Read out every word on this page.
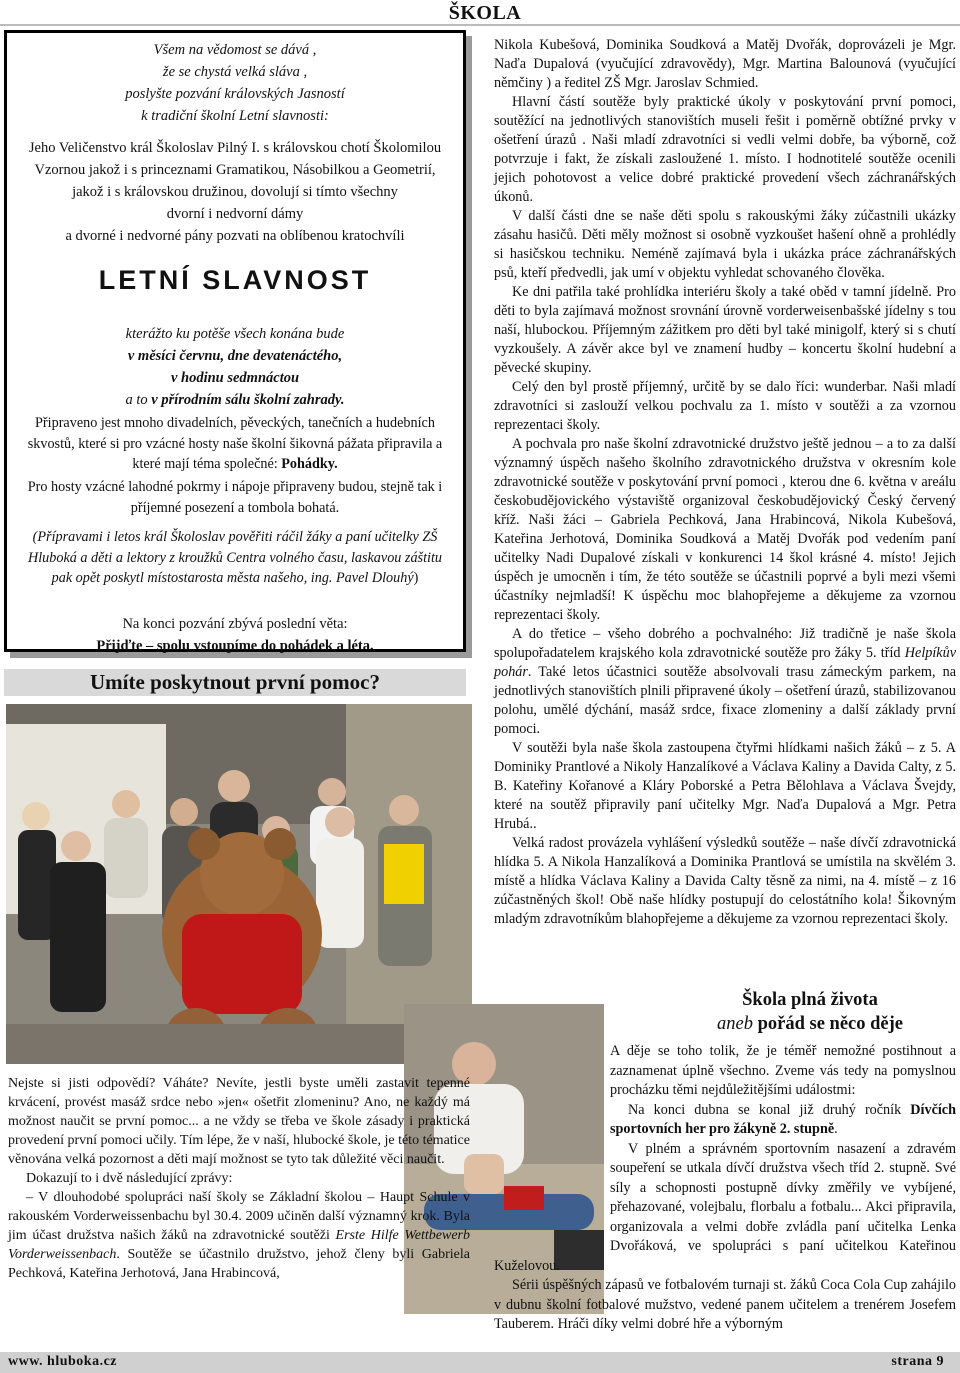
ŠKOLA
Všem na vědomost se dává ,
že se chystá velká sláva ,
poslyšte pozvání královských Jasností
k tradiční školní Letní slavnosti:
Jeho Veličenstvo král Školoslav Pilný I. s královskou chotí Školomilou
Vzornou jakož i s princeznami Gramatikou, Násobilkou a Geometrií,
jakož i s královskou družinou, dovolují si tímto všechny
dvorní i nedvorní dámy
a dvorné i nedvorné pány pozvati na oblíbenou kratochvíli
LETNÍ SLAVNOST
kterážto ku potěše všech konána bude
v měsíci červnu, dne devatenáctého,
v hodinu sedmnáctou
a to v přírodním sálu školní zahrady.
Připraveno jest mnoho divadelních, pěveckých, tanečních a hudebních skvostů, které si pro vzácné hosty naše školní šikovná pážata připravila a které mají téma společné: Pohádky.
Pro hosty vzácné lahodné pokrmy i nápoje připraveny budou, stejně tak i příjemné posezení a tombola bohatá.
(Přípravami i letos král Školoslav pověřiti ráčil žáky a paní učitelky ZŠ Hluboká a děti a lektory z kroužků Centra volného času, laskavou záštitu pak opět poskytl místostarosta města našeho, ing. Pavel Dlouhý)
Na konci pozvání zbývá poslední věta:
Přijďte – spolu vstoupíme do pohádek a léta.
Umíte poskytnout první pomoc?

Nejste si jisti odpovědí? Váháte? Nevíte, jestli byste uměli zastavit tepenné krvácení, provést masáž srdce nebo »jen« ošetřit zlomeninu? Ano, ne každý má možnost naučit se první pomoc... a ne vždy se třeba ve škole zásady i praktická provedení první pomoci učily. Tím lépe, že v naší, hlubocké škole, je této tématice věnována velká pozornost a děti mají možnost se tyto tak důležité věci naučit.

Dokazují to i dvě následující zprávy:

– V dlouhodobé spolupráci naší školy se Základní školou – Haupt Schule v rakouském Vorderweissenbachu byl 30.4. 2009 učiněn další významný krok. Byla jim účast družstva našich žáků na zdravotnické soutěži Erste Hilfe Wettbewerb Vorderweissenbach. Soutěže se účastnilo družstvo, jehož členy byli Gabriela Pechková, Kateřina Jerhotová, Jana Hrabincová,

Nikola Kubešová, Dominika Soudková a Matěj Dvořák, doprovázeli je Mgr. Naďa Dupalová (vyučující zdravovědy), Mgr. Martina Balounová (vyučující němčiny ) a ředitel ZŠ Mgr. Jaroslav Schmied.

Hlavní částí soutěže byly praktické úkoly v poskytování první pomoci, soutěžící na jednotlivých stanovištích museli řešit i poměrně obtížné prvky v ošetření úrazů . Naši mladí zdravotníci si vedli velmi dobře, ba výborně, což potvrzuje i fakt, že získali zasloužené 1. místo. I hodnotitelé soutěže ocenili jejich pohotovost a velice dobré praktické provedení všech záchranářských úkonů.

V další části dne se naše děti spolu s rakouskými žáky zúčastnili ukázky zásahu hasičů. Děti měly možnost si osobně vyzkoušet hašení ohně a prohlédly si hasičskou techniku. Neméně zajímavá byla i ukázka práce záchranářských psů, kteří předvedli, jak umí v objektu vyhledat schovaného člověka.

Ke dni patřila také prohlídka interiéru školy a také oběd v tamní jídelně. Pro děti to byla zajímavá možnost srovnání úrovně vorderweisenbašské jídelny s tou naší, hlubockou. Příjemným zážitkem pro děti byl také minigolf, který si s chutí vyzkoušely. A závěr akce byl ve znamení hudby – koncertu školní hudební a pěvecké skupiny.

Celý den byl prostě příjemný, určitě by se dalo říci: wunderbar. Naši mladí zdravotníci si zaslouží velkou pochvalu za 1. místo v soutěži a za vzornou reprezentaci školy.

A pochvala pro naše školní zdravotnické družstvo ještě jednou – a to za další významný úspěch našeho školního zdravotnického družstva v okresním kole zdravotnické soutěže v poskytování první pomoci , kterou dne 6. května v areálu českobudějovického výstaviště organizoval českobudějovický Český červený kříž. Naši žáci – Gabriela Pechková, Jana Hrabincová, Nikola Kubešová, Kateřina Jerhotová, Dominika Soudková a Matěj Dvořák pod vedením paní učitelky Nadi Dupalové získali v konkurenci 14 škol krásné 4. místo! Jejich úspěch je umocněn i tím, že této soutěže se účastnili poprvé a byli mezi všemi účastníky nejmladší! K úspěchu moc blahopřejeme a děkujeme za vzornou reprezentaci školy.

A do třetice – všeho dobrého a pochvalného: Již tradičně je naše škola spolupořadatelem krajského kola zdravotnické soutěže pro žáky 5. tříd Helpíkův pohár. Také letos účastnici soutěže absolvovali trasu zámeckým parkem, na jednotlivých stanovištích plnili připravené úkoly – ošetření úrazů, stabilizovanou polohu, umělé dýchání, masáž srdce, fixace zlomeniny a další základy první pomoci.

V soutěži byla naše škola zastoupena čtyřmi hlídkami našich žáků – z 5. A Dominiky Prantlové a Nikoly Hanzalíkové a Václava Kaliny a Davida Calty, z 5. B. Kateřiny Kořanové a Kláry Poborské a Petra Bělohlava a Václava Švejdy, které na soutěž připravily paní učitelky Mgr. Naďa Dupalová a Mgr. Petra Hrubá..

Velká radost provázela vyhlášení výsledků soutěže – naše dívčí zdravotnická hlídka 5. A Nikola Hanzalíková a Dominika Prantlová se umístila na skvělém 3. místě a hlídka Václava Kaliny a Davida Calty těsně za nimi, na 4. místě – z 16 zúčastněných škol! Obě naše hlídky postupují do celostátního kola! Šikovným mladým zdravotníkům blahopřejeme a děkujeme za vzornou reprezentaci školy.

Škola plná života
aneb pořád se něco děje

A děje se toho tolik, že je téměř nemožné postihnout a zaznamenat úplně všechno. Zveme vás tedy na pomyslnou procházku těmi nejdůležitějšími událostmi:

Na konci dubna se konal již druhý ročník Dívčích sportovních her pro žákyně 2. stupně.

V plném a správném sportovním nasazení a zdravém soupeření se utkala dívčí družstva všech tříd 2. stupně. Své síly a schopnosti postupně dívky změřily ve vybíjené, přehazované, volejbalu, florbalu a fotbalu... Akci připravila, organizovala a velmi dobře zvládla paní učitelka Lenka Dvořáková, ve spolupráci s paní učitelkou Kateřinou Kuželovou.

Sérii úspěšných zápasů ve fotbalovém turnaji st. žáků Coca Cola Cup zahájilo v dubnu školní fotbalové mužstvo, vedené panem učitelem a trenérem Josefem Tauberem. Hráči díky velmi dobré hře a výborným

www. hluboka.cz	strana 9
